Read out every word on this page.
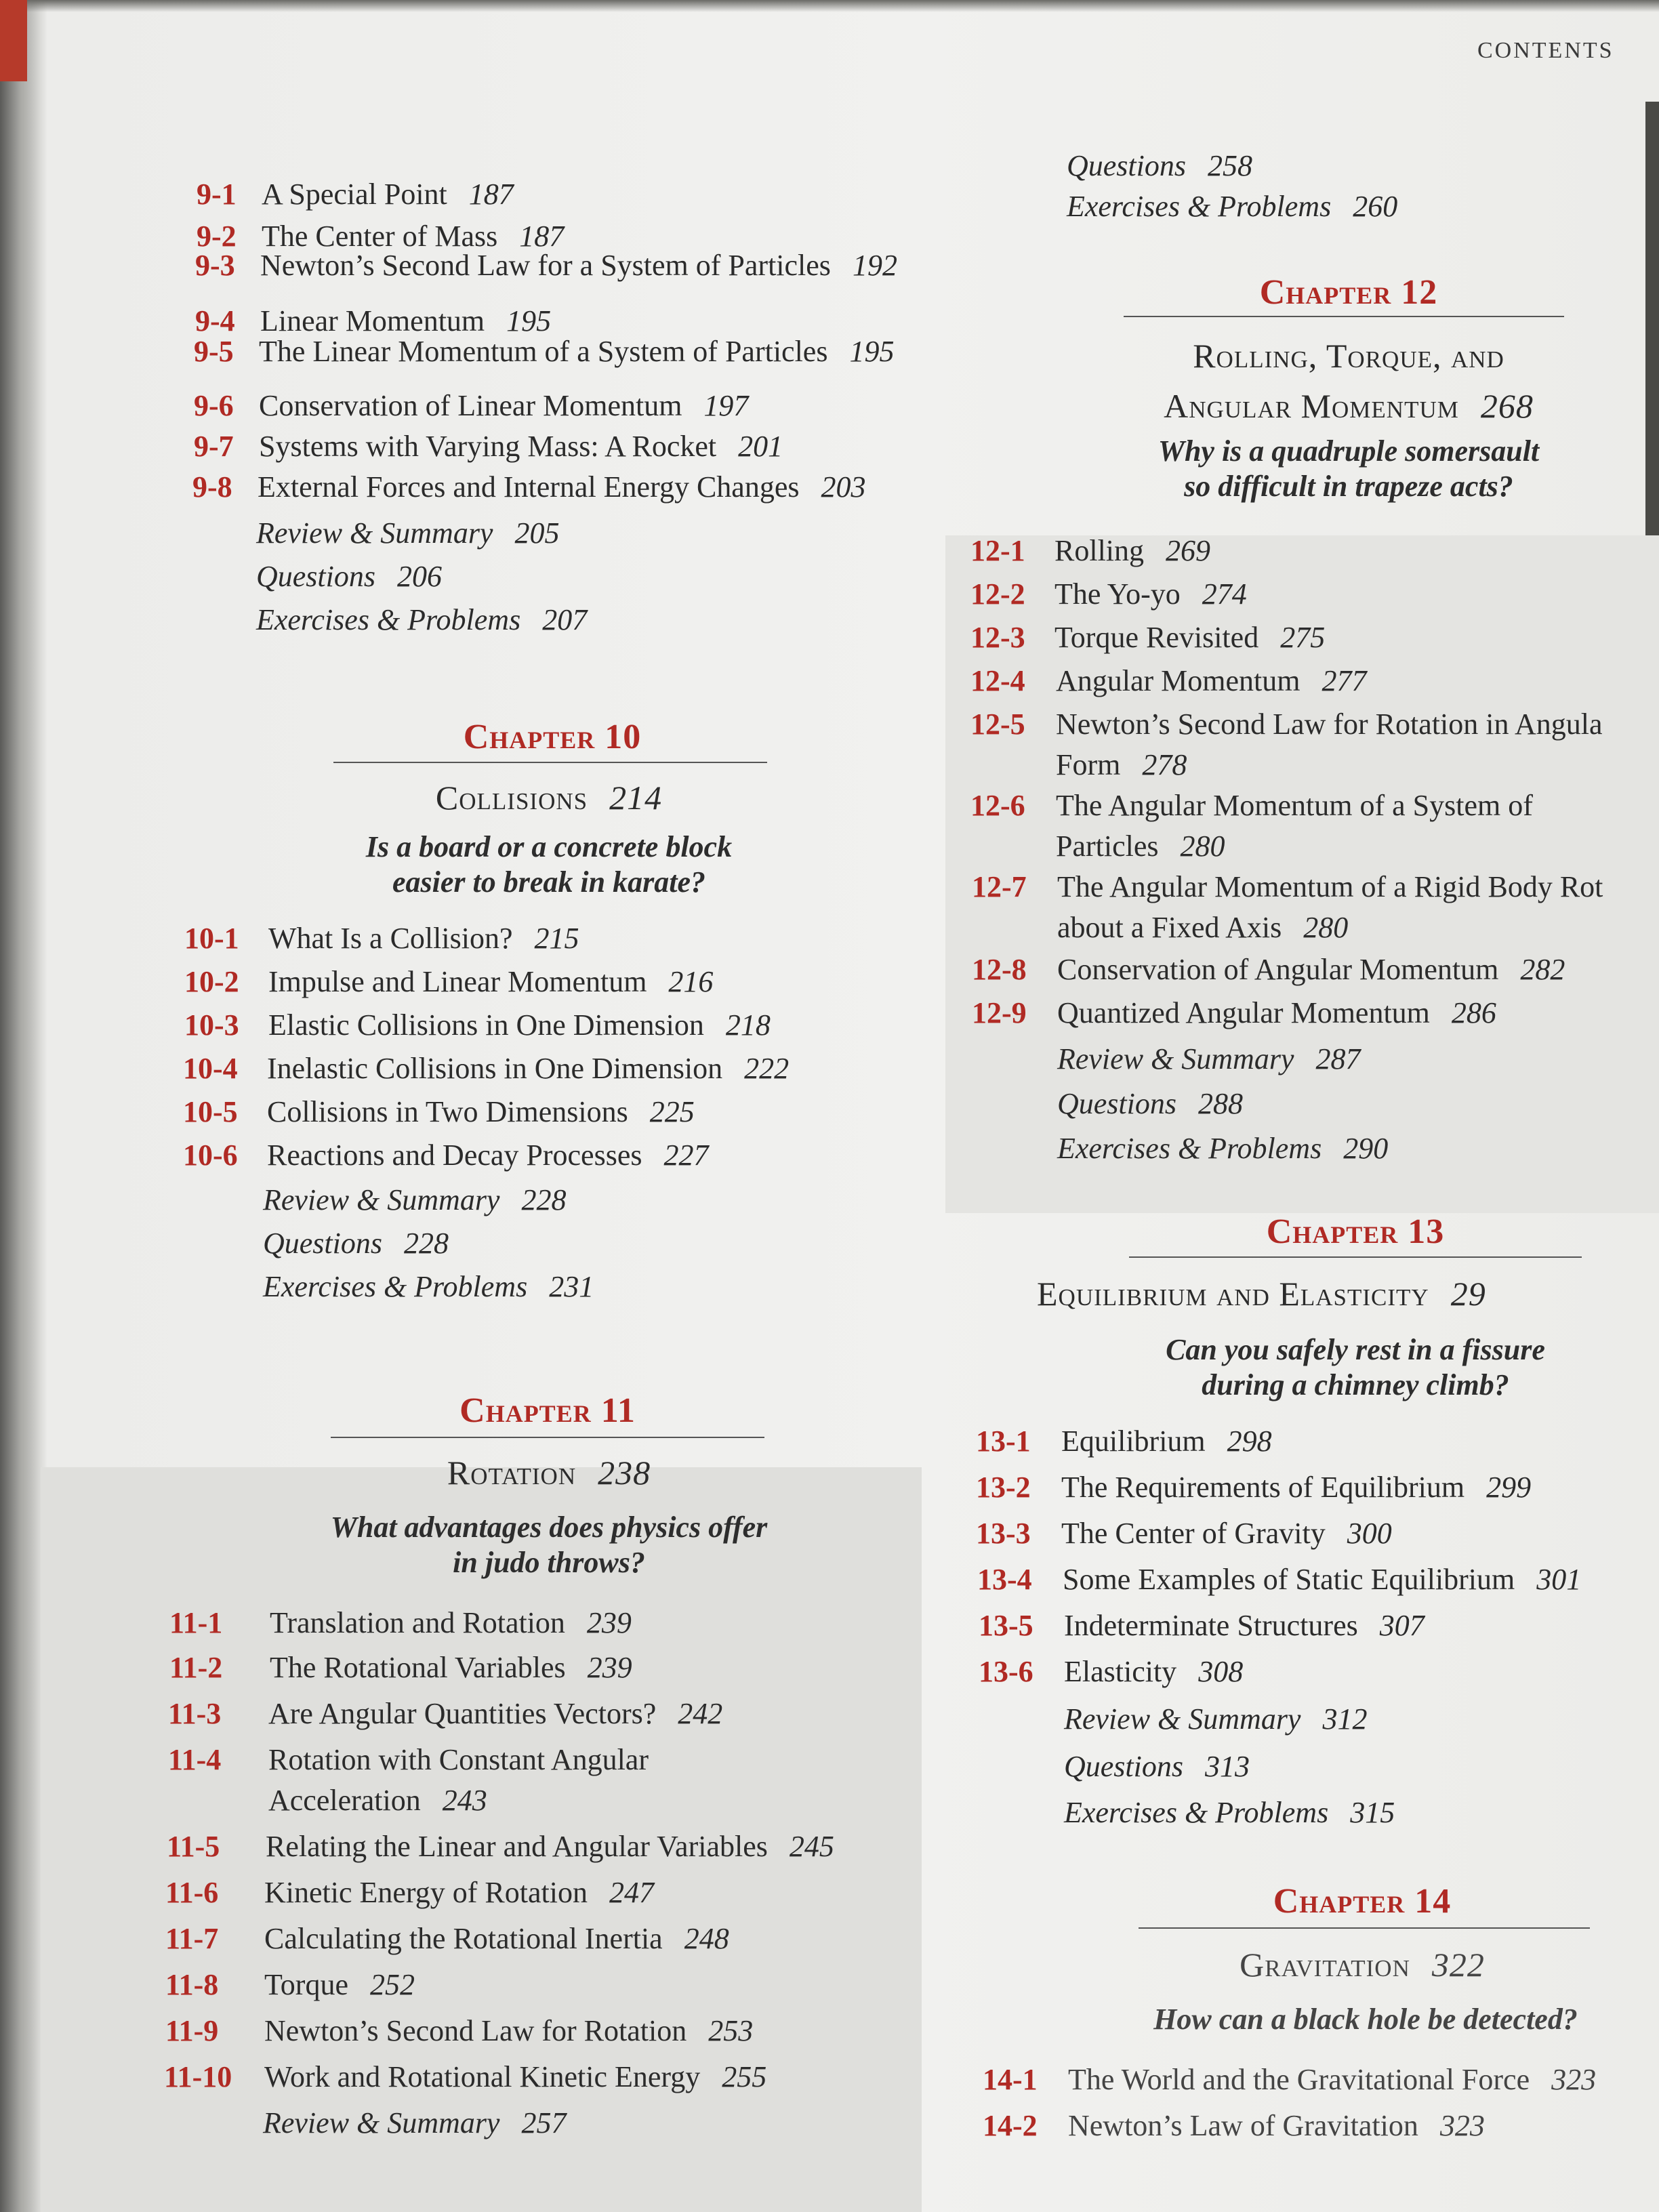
CONTENTS
9-1 A Special Point 187
9-2 The Center of Mass 187
9-3 Newton’s Second Law for a System of Particles 192
9-4 Linear Momentum 195
9-5 The Linear Momentum of a System of Particles 195
9-6 Conservation of Linear Momentum 197
9-7 Systems with Varying Mass: A Rocket 201
9-8 External Forces and Internal Energy Changes 203
Review & Summary 205
Questions 206
Exercises & Problems 207
Chapter 10
Collisions 214
Is a board or a concrete block
easier to break in karate?
10-1 What Is a Collision? 215
10-2 Impulse and Linear Momentum 216
10-3 Elastic Collisions in One Dimension 218
10-4 Inelastic Collisions in One Dimension 222
10-5 Collisions in Two Dimensions 225
10-6 Reactions and Decay Processes 227
Review & Summary 228
Questions 228
Exercises & Problems 231
Chapter 11
Rotation 238
What advantages does physics offer
in judo throws?
11-1 Translation and Rotation 239
11-2 The Rotational Variables 239
11-3 Are Angular Quantities Vectors? 242
11-4 Rotation with Constant Angular
Acceleration 243
11-5 Relating the Linear and Angular Variables 245
11-6 Kinetic Energy of Rotation 247
11-7 Calculating the Rotational Inertia 248
11-8 Torque 252
11-9 Newton’s Second Law for Rotation 253
11-10 Work and Rotational Kinetic Energy 255
Review & Summary 257
Questions 258
Exercises & Problems 260
Chapter 12
Rolling, Torque, and
Angular Momentum 268
Why is a quadruple somersault
so difficult in trapeze acts?
12-1 Rolling 269
12-2 The Yo-yo 274
12-3 Torque Revisited 275
12-4 Angular Momentum 277
12-5 Newton’s Second Law for Rotation in Angula
Form 278
12-6 The Angular Momentum of a System of
Particles 280
12-7 The Angular Momentum of a Rigid Body Rot
about a Fixed Axis 280
12-8 Conservation of Angular Momentum 282
12-9 Quantized Angular Momentum 286
Review & Summary 287
Questions 288
Exercises & Problems 290
Chapter 13
Equilibrium and Elasticity 29
Can you safely rest in a fissure
during a chimney climb?
13-1 Equilibrium 298
13-2 The Requirements of Equilibrium 299
13-3 The Center of Gravity 300
13-4 Some Examples of Static Equilibrium 301
13-5 Indeterminate Structures 307
13-6 Elasticity 308
Review & Summary 312
Questions 313
Exercises & Problems 315
Chapter 14
Gravitation 322
How can a black hole be detected?
14-1 The World and the Gravitational Force 323
14-2 Newton’s Law of Gravitation 323
